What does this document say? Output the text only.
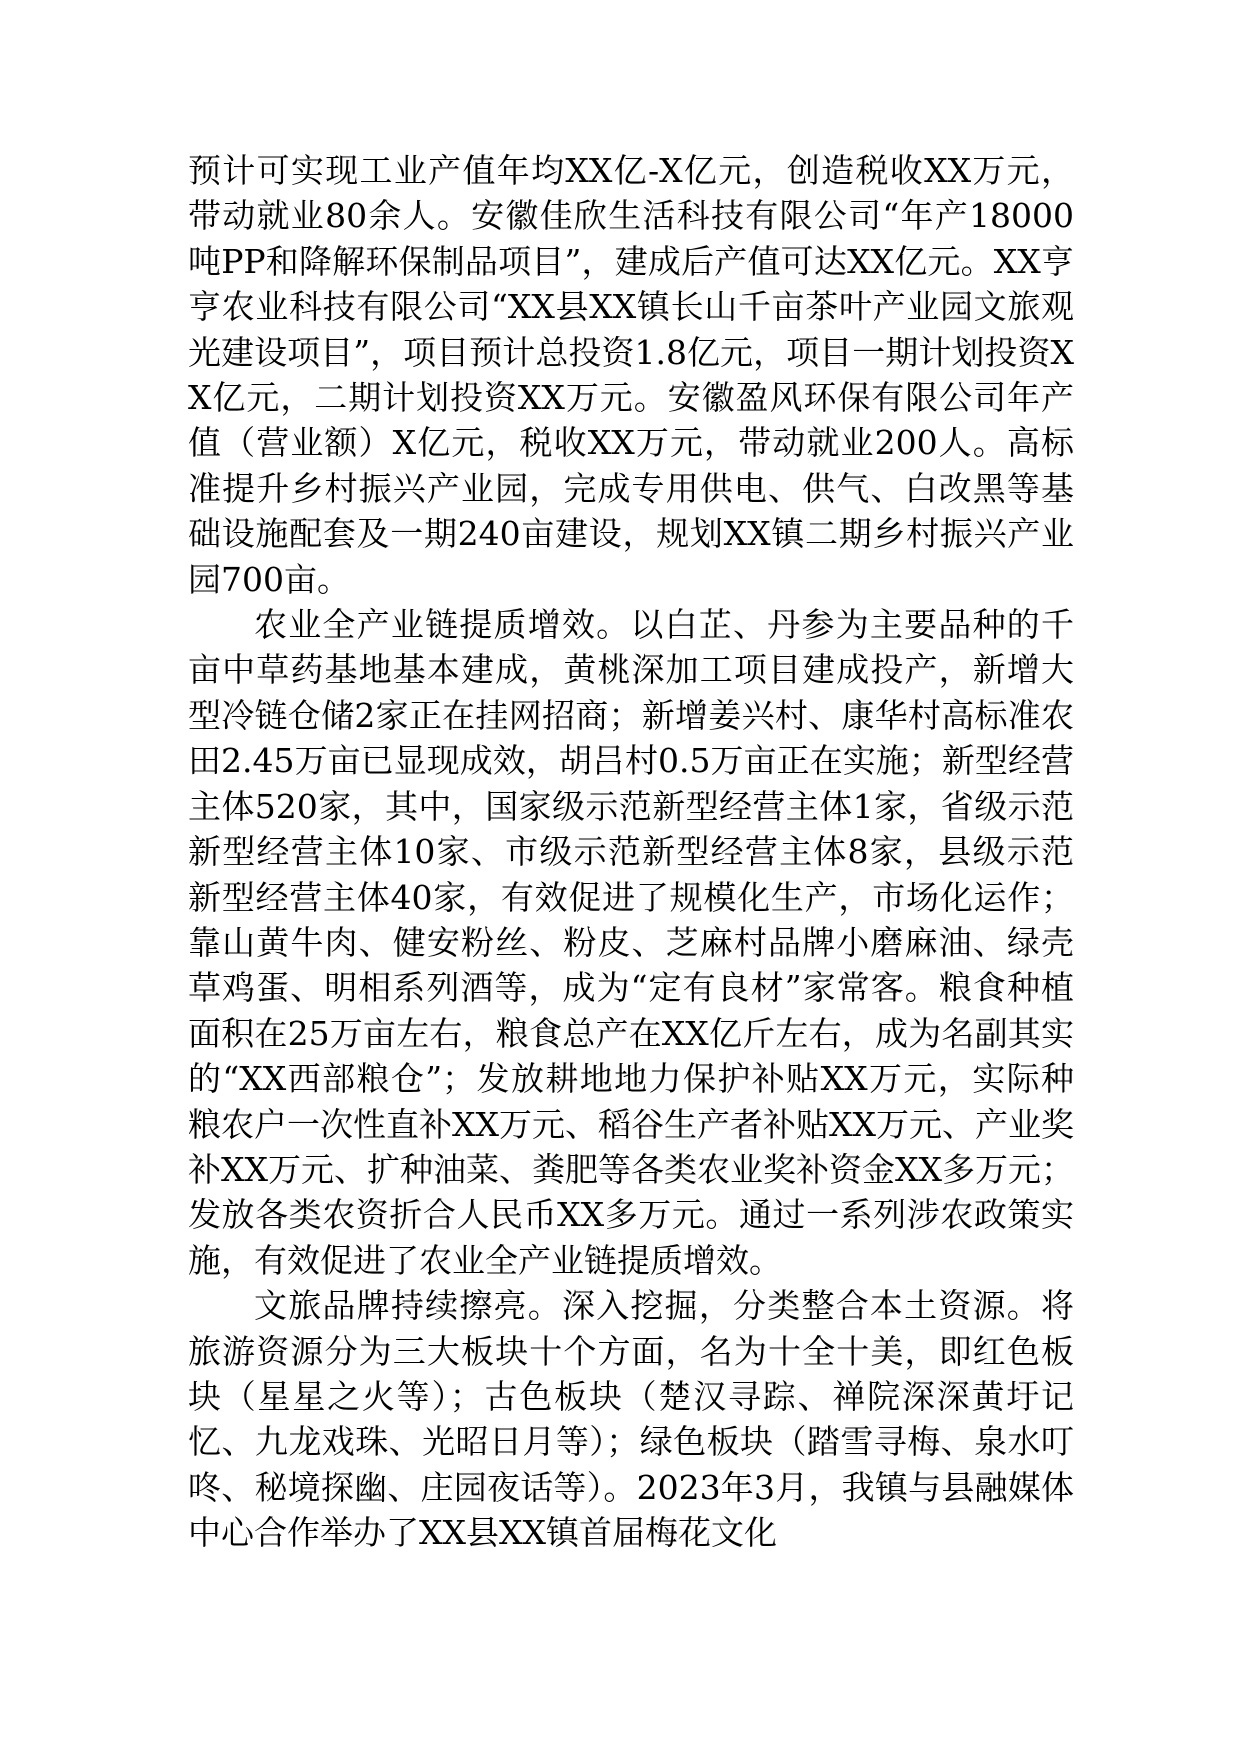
预计可实现工业产值年均XX亿-X亿元，创造税收XX万元，带动就业80余人。安徽佳欣生活科技有限公司“年产18000吨PP和降解环保制品项目”，建成后产值可达XX亿元。XX亨亨农业科技有限公司“XX县XX镇长山千亩茶叶产业园文旅观光建设项目”，项目预计总投资1.8亿元，项目一期计划投资XX亿元，二期计划投资XX万元。安徽盈风环保有限公司年产值（营业额）X亿元，税收XX万元，带动就业200人。高标准提升乡村振兴产业园，完成专用供电、供气、白改黑等基础设施配套及一期240亩建设，规划XX镇二期乡村振兴产业园700亩。

农业全产业链提质增效。以白芷、丹参为主要品种的千亩中草药基地基本建成，黄桃深加工项目建成投产，新增大型冷链仓储2家正在挂网招商；新增姜兴村、康华村高标准农田2.45万亩已显现成效，胡吕村0.5万亩正在实施；新型经营主体520家，其中，国家级示范新型经营主体1家，省级示范新型经营主体10家、市级示范新型经营主体8家，县级示范新型经营主体40家，有效促进了规模化生产，市场化运作；靠山黄牛肉、健安粉丝、粉皮、芝麻村品牌小磨麻油、绿壳草鸡蛋、明相系列酒等，成为“定有良材”家常客。粮食种植面积在25万亩左右，粮食总产在XX亿斤左右，成为名副其实的“XX西部粮仓”；发放耕地地力保护补贴XX万元，实际种粮农户一次性直补XX万元、稻谷生产者补贴XX万元、产业奖补XX万元、扩种油菜、粪肥等各类农业奖补资金XX多万元；发放各类农资折合人民币XX多万元。通过一系列涉农政策实施，有效促进了农业全产业链提质增效。

文旅品牌持续擦亮。深入挖掘，分类整合本土资源。将旅游资源分为三大板块十个方面，名为十全十美，即红色板块（星星之火等）；古色板块（楚汉寻踪、禅院深深黄圩记忆、九龙戏珠、光昭日月等）；绿色板块（踏雪寻梅、泉水叮咚、秘境探幽、庄园夜话等）。2023年3月，我镇与县融媒体中心合作举办了XX县XX镇首届梅花文化
